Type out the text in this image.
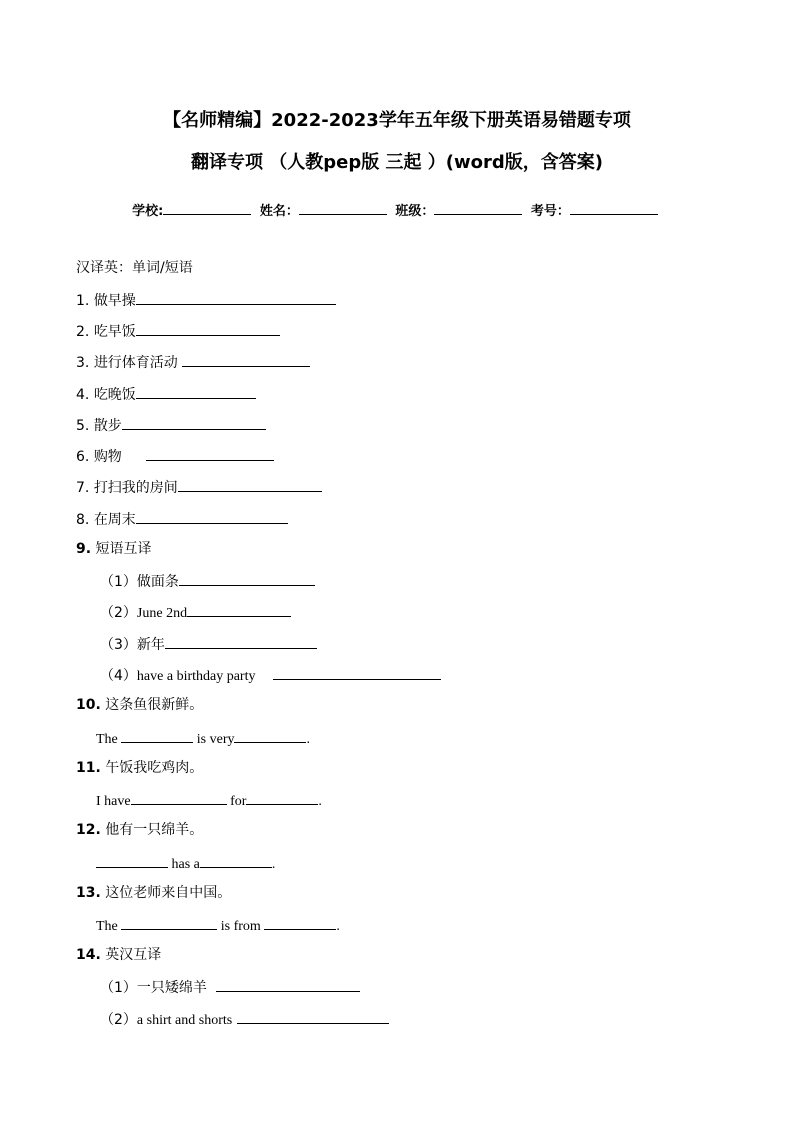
【名师精编】2022-2023学年五年级下册英语易错题专项
翻译专项 （人教pep版 三起 ）(word版，含答案)
学校:	姓名：	班级：	考号：
汉译英：单词/短语
1. 做早操
2. 吃早饭
3. 进行体育活动
4. 吃晚饭
5. 散步
6. 购物
7. 打扫我的房间
8. 在周末
9. 短语互译
（1）做面条
（2）June 2nd
（3）新年
（4）have a birthday party
10. 这条鱼很新鲜。
The	is very	.
11. 午饭我吃鸡肉。
I have	for	.
12. 他有一只绵羊。
has a	.
13. 这位老师来自中国。
The	is from	.
14. 英汉互译
（1）一只矮绵羊
（2）a shirt and shorts
